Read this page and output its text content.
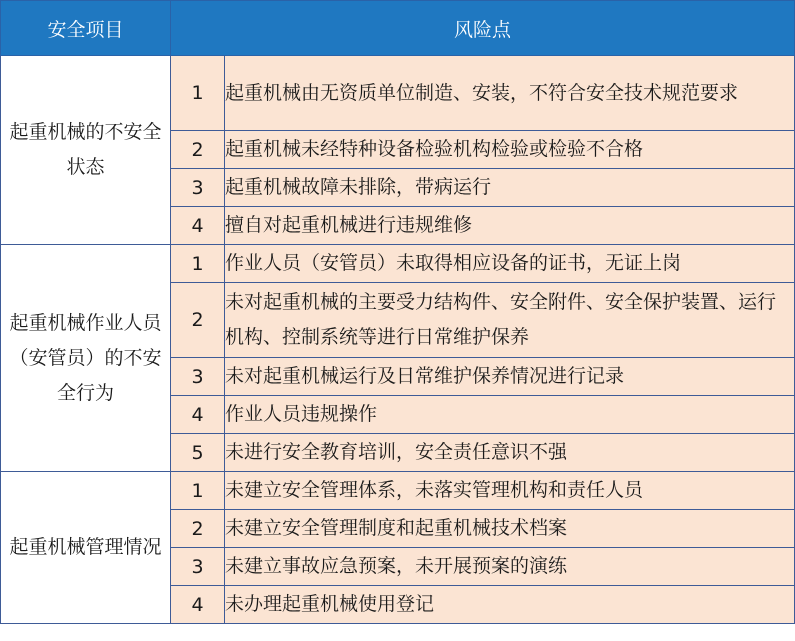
安全项目	风险点	
起重机械的不安全状态	1	起重机械由无资质单位制造、安装，不符合安全技术规范要求
	2	起重机械未经特种设备检验机构检验或检验不合格
	3	起重机械故障未排除，带病运行
	4	擅自对起重机械进行违规维修
起重机械作业人员（安管员）的不安全行为	1	作业人员（安管员）未取得相应设备的证书，无证上岗
	2	未对起重机械的主要受力结构件、安全附件、安全保护装置、运行机构、控制系统等进行日常维护保养
	3	未对起重机械运行及日常维护保养情况进行记录
	4	作业人员违规操作
	5	未进行安全教育培训，安全责任意识不强
起重机械管理情况	1	未建立安全管理体系，未落实管理机构和责任人员
	2	未建立安全管理制度和起重机械技术档案
	3	未建立事故应急预案，未开展预案的演练
	4	未办理起重机械使用登记
